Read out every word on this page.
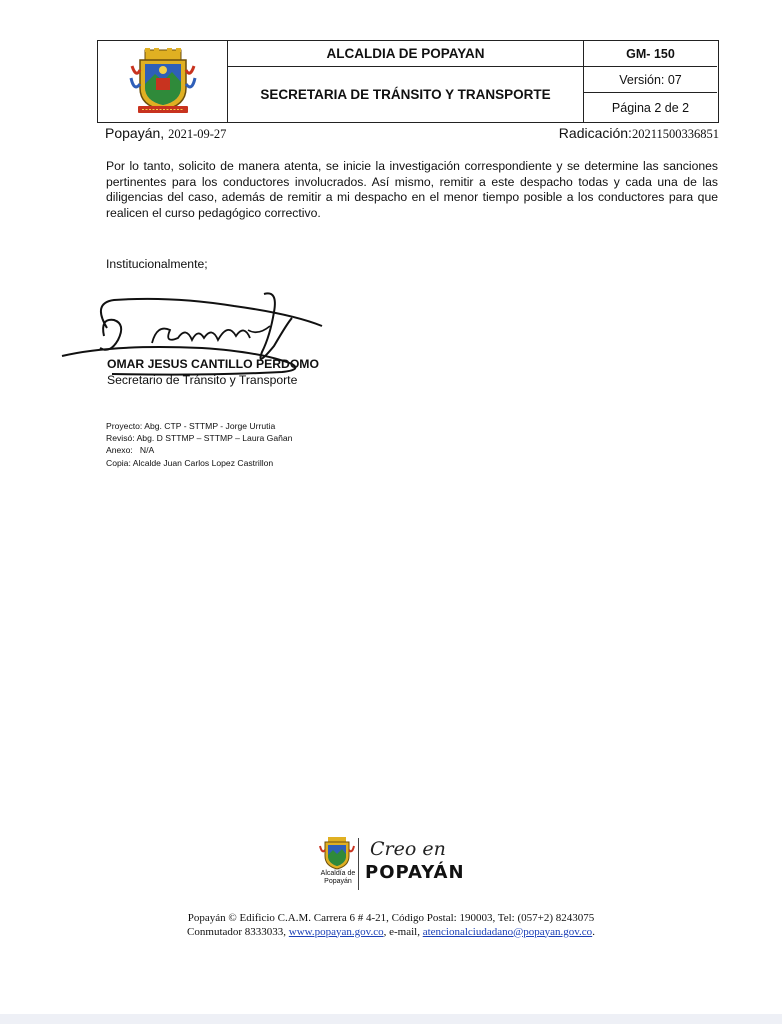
ALCALDIA DE POPAYAN
SECRETARIA DE TRÁNSITO Y TRANSPORTE
GM- 150
Versión: 07
Página 2 de 2
Popayán, 2021-09-27	Radicación:20211500336851
Por lo tanto, solicito de manera atenta, se inicie la investigación correspondiente y se determine las sanciones pertinentes para los conductores involucrados. Así mismo, remitir a este despacho todas y cada una de las diligencias del caso, además de remitir a mi despacho en el menor tiempo posible a los conductores para que realicen el curso pedagógico correctivo.
Institucionalmente;
OMAR JESUS CANTILLO PERDOMO
Secretario de Tránsito y Transporte
Proyecto: Abg. CTP - STTMP - Jorge Urrutia
Revisó: Abg. D STTMP – STTMP – Laura Gañan
Anexo:   N/A
Copia: Alcalde Juan Carlos Lopez Castrillon
Alcaldía de Popayán
Creo en
POPAYÁN
Popayán © Edificio C.A.M. Carrera 6 # 4-21, Código Postal: 190003, Tel: (057+2) 8243075
Conmutador 8333033, www.popayan.gov.co, e-mail, atencionalciudadano@popayan.gov.co.
